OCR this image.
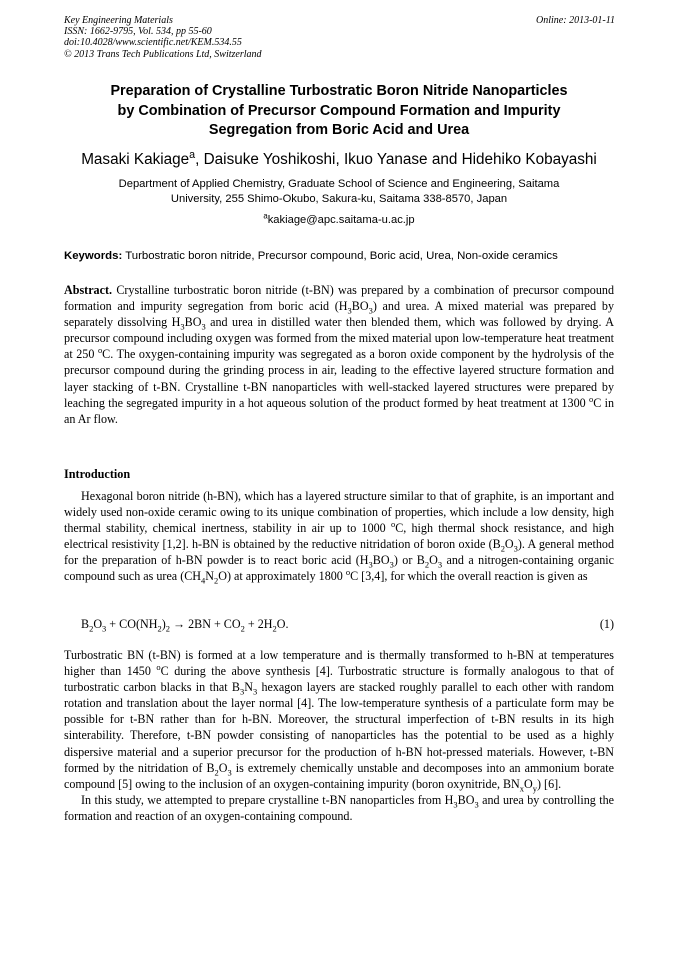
Key Engineering Materials
ISSN: 1662-9795, Vol. 534, pp 55-60
doi:10.4028/www.scientific.net/KEM.534.55
© 2013 Trans Tech Publications Ltd, Switzerland
Online: 2013-01-11
Preparation of Crystalline Turbostratic Boron Nitride Nanoparticles
by Combination of Precursor Compound Formation and Impurity
Segregation from Boric Acid and Urea
Masaki Kakiage$^a$, Daisuke Yoshikoshi, Ikuo Yanase and Hidehiko Kobayashi
Department of Applied Chemistry, Graduate School of Science and Engineering, Saitama
University, 255 Shimo-Okubo, Sakura-ku, Saitama 338-8570, Japan
$^a$kakiage@apc.saitama-u.ac.jp
Keywords: Turbostratic boron nitride, Precursor compound, Boric acid, Urea, Non-oxide ceramics

Abstract. Crystalline turbostratic boron nitride (t-BN) was prepared by a combination of precursor compound formation and impurity segregation from boric acid $(H_3BO_3)$ and urea. A mixed material was prepared by separately dissolving $H_3BO_3$ and urea in distilled water then blended them, which was followed by drying. A precursor compound including oxygen was formed from the mixed material upon low-temperature heat treatment at 250 $^o$C. The oxygen-containing impurity was segregated as a boron oxide component by the hydrolysis of the precursor compound during the grinding process in air, leading to the effective layered structure formation and layer stacking of t-BN. Crystalline t-BN nanoparticles with well-stacked layered structures were prepared by leaching the segregated impurity in a hot aqueous solution of the product formed by heat treatment at 1300 $^o$C in an Ar flow.

Introduction

Hexagonal boron nitride (h-BN), which has a layered structure similar to that of graphite, is an important and widely used non-oxide ceramic owing to its unique combination of properties, which include a low density, high thermal stability, chemical inertness, stability in air up to 1000 $^o$C, high thermal shock resistance, and high electrical resistivity [1,2]. h-BN is obtained by the reductive nitridation of boron oxide $(B_2O_3)$. A general method for the preparation of h-BN powder is to react boric acid $(H_3BO_3)$ or $B_2O_3$ and a nitrogen-containing organic compound such as urea $(CH_4N_2O)$ at approximately 1800 $^o$C [3,4], for which the overall reaction is given as

$B_2O_3 + CO(NH_2)_2 \to 2BN + CO_2 + 2H_2O$.	(1)

Turbostratic BN (t-BN) is formed at a low temperature and is thermally transformed to h-BN at temperatures higher than 1450 $^o$C during the above synthesis [4]. Turbostratic structure is formally analogous to that of turbostratic carbon blacks in that $B_3N_3$ hexagon layers are stacked roughly parallel to each other with random rotation and translation about the layer normal [4]. The low-temperature synthesis of a particulate form may be possible for t-BN rather than for h-BN. Moreover, the structural imperfection of t-BN results in its high sinterability. Therefore, t-BN powder consisting of nanoparticles has the potential to be used as a highly dispersive material and a superior precursor for the production of h-BN hot-pressed materials. However, t-BN formed by the nitridation of $B_2O_3$ is extremely chemically unstable and decomposes into an ammonium borate compound [5] owing to the inclusion of an oxygen-containing impurity (boron oxynitride, $BN_xO_y$) [6].

In this study, we attempted to prepare crystalline t-BN nanoparticles from $H_3BO_3$ and urea by controlling the formation and reaction of an oxygen-containing compound.
